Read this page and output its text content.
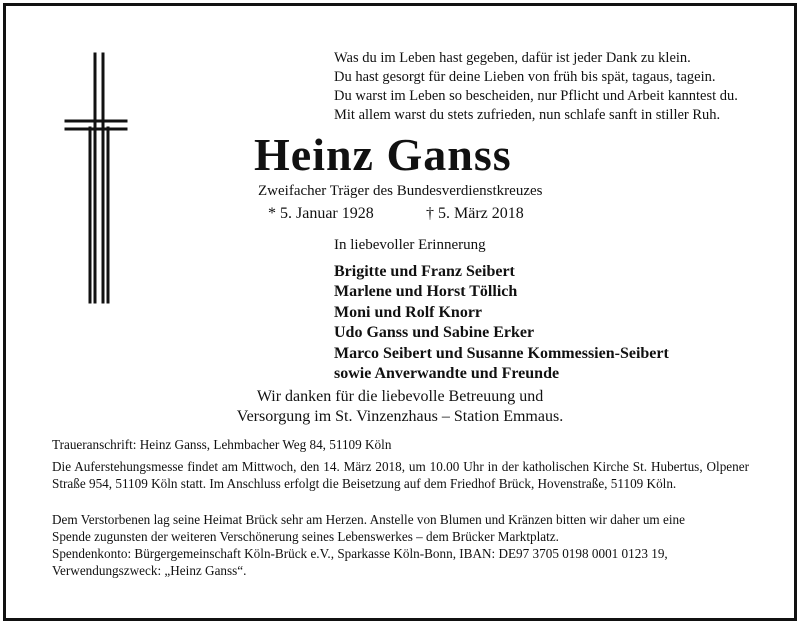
Was du im Leben hast gegeben, dafür ist jeder Dank zu klein.
Du hast gesorgt für deine Lieben von früh bis spät, tagaus, tagein.
Du warst im Leben so bescheiden, nur Pflicht und Arbeit kanntest du.
Mit allem warst du stets zufrieden, nun schlafe sanft in stiller Ruh.
Heinz Ganss
Zweifacher Träger des Bundesverdienstkreuzes
* 5. Januar 1928	† 5. März 2018
In liebevoller Erinnerung
Brigitte und Franz Seibert
Marlene und Horst Töllich
Moni und Rolf Knorr
Udo Ganss und Sabine Erker
Marco Seibert und Susanne Kommessien-Seibert
sowie Anverwandte und Freunde
Wir danken für die liebevolle Betreuung und
Versorgung im St. Vinzenzhaus – Station Emmaus.
Traueranschrift: Heinz Ganss, Lehmbacher Weg 84, 51109 Köln
Die Auferstehungsmesse findet am Mittwoch, den 14. März 2018, um 10.00 Uhr in der katholischen Kirche St. Hubertus, Olpener Straße 954, 51109 Köln statt. Im Anschluss erfolgt die Beisetzung auf dem Friedhof Brück, Hovenstraße, 51109 Köln.
Dem Verstorbenen lag seine Heimat Brück sehr am Herzen. Anstelle von Blumen und Kränzen bitten wir daher um eine
Spende zugunsten der weiteren Verschönerung seines Lebenswerkes – dem Brücker Marktplatz.
Spendenkonto: Bürgergemeinschaft Köln-Brück e.V., Sparkasse Köln-Bonn, IBAN: DE97 3705 0198 0001 0123 19,
Verwendungszweck: „Heinz Ganss“.
